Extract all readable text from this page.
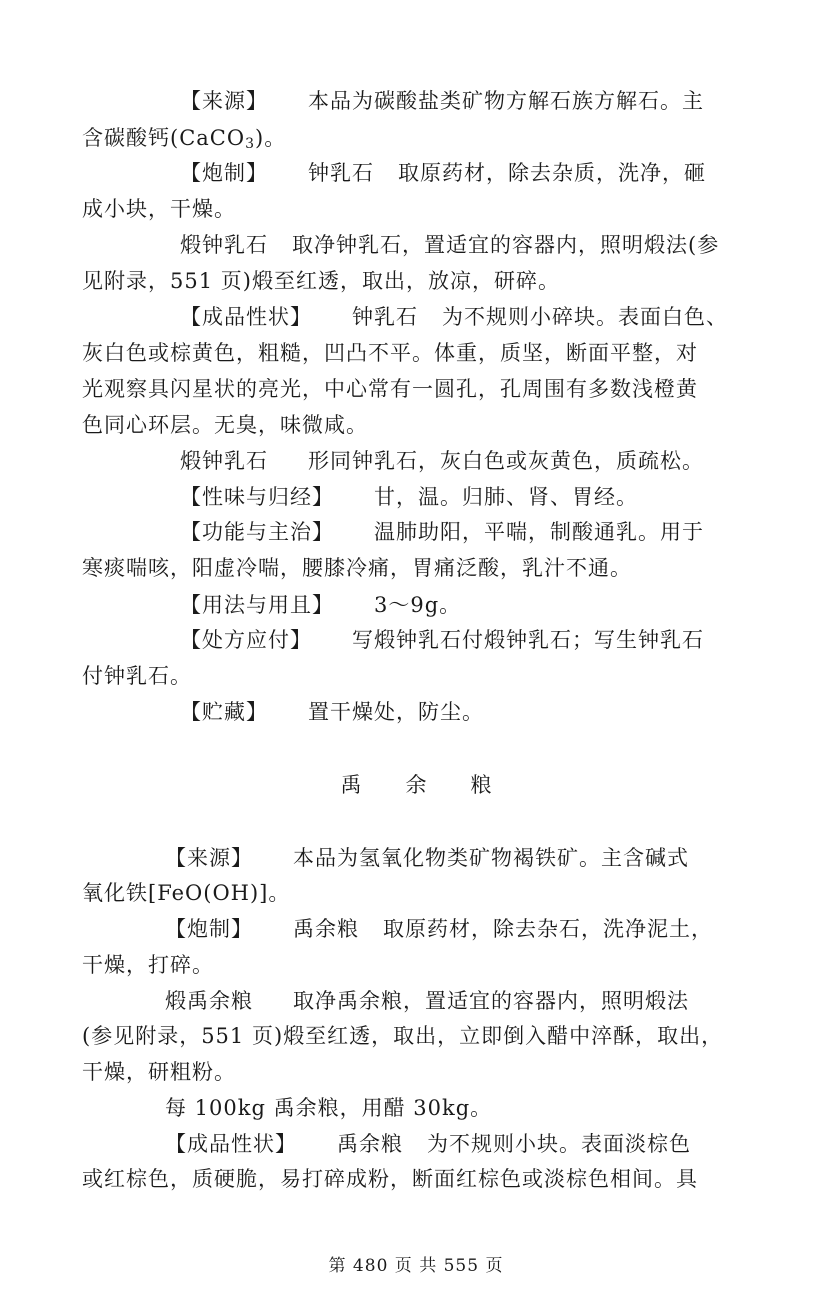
【来源】 本品为碳酸盐类矿物方解石族方解石。主
含碳酸钙(CaCO$_3$)。
【炮制】 钟乳石 取原药材，除去杂质，洗净，砸
成小块，干燥。
煅钟乳石 取净钟乳石，置适宜的容器内，照明煅法(参
见附录，551 页)煅至红透，取出，放凉，研碎。
【成品性状】 钟乳石 为不规则小碎块。表面白色、
灰白色或棕黄色，粗糙，凹凸不平。体重，质坚，断面平整，对
光观察具闪星状的亮光，中心常有一圆孔，孔周围有多数浅橙黄
色同心环层。无臭，味微咸。
煅钟乳石 形同钟乳石，灰白色或灰黄色，质疏松。
【性味与归经】 甘，温。归肺、肾、胃经。
【功能与主治】 温肺助阳，平喘，制酸通乳。用于
寒痰喘咳，阳虚冷喘，腰膝冷痛，胃痛泛酸，乳汁不通。
【用法与用且】 3～9g。
【处方应付】 写煅钟乳石付煅钟乳石；写生钟乳石
付钟乳石。
【贮藏】 置干燥处，防尘。
禹 余 粮
【来源】 本品为氢氧化物类矿物褐铁矿。主含碱式
氧化铁[FeO(OH)]。
【炮制】 禹余粮 取原药材，除去杂石，洗净泥土，
干燥，打碎。
煅禹余粮 取净禹余粮，置适宜的容器内，照明煅法
(参见附录，551 页)煅至红透，取出，立即倒入醋中淬酥，取出，
干燥，研粗粉。
每 100kg 禹余粮，用醋 30kg。
【成品性状】 禹余粮 为不规则小块。表面淡棕色
或红棕色，质硬脆，易打碎成粉，断面红棕色或淡棕色相间。具
第 480 页 共 555 页
